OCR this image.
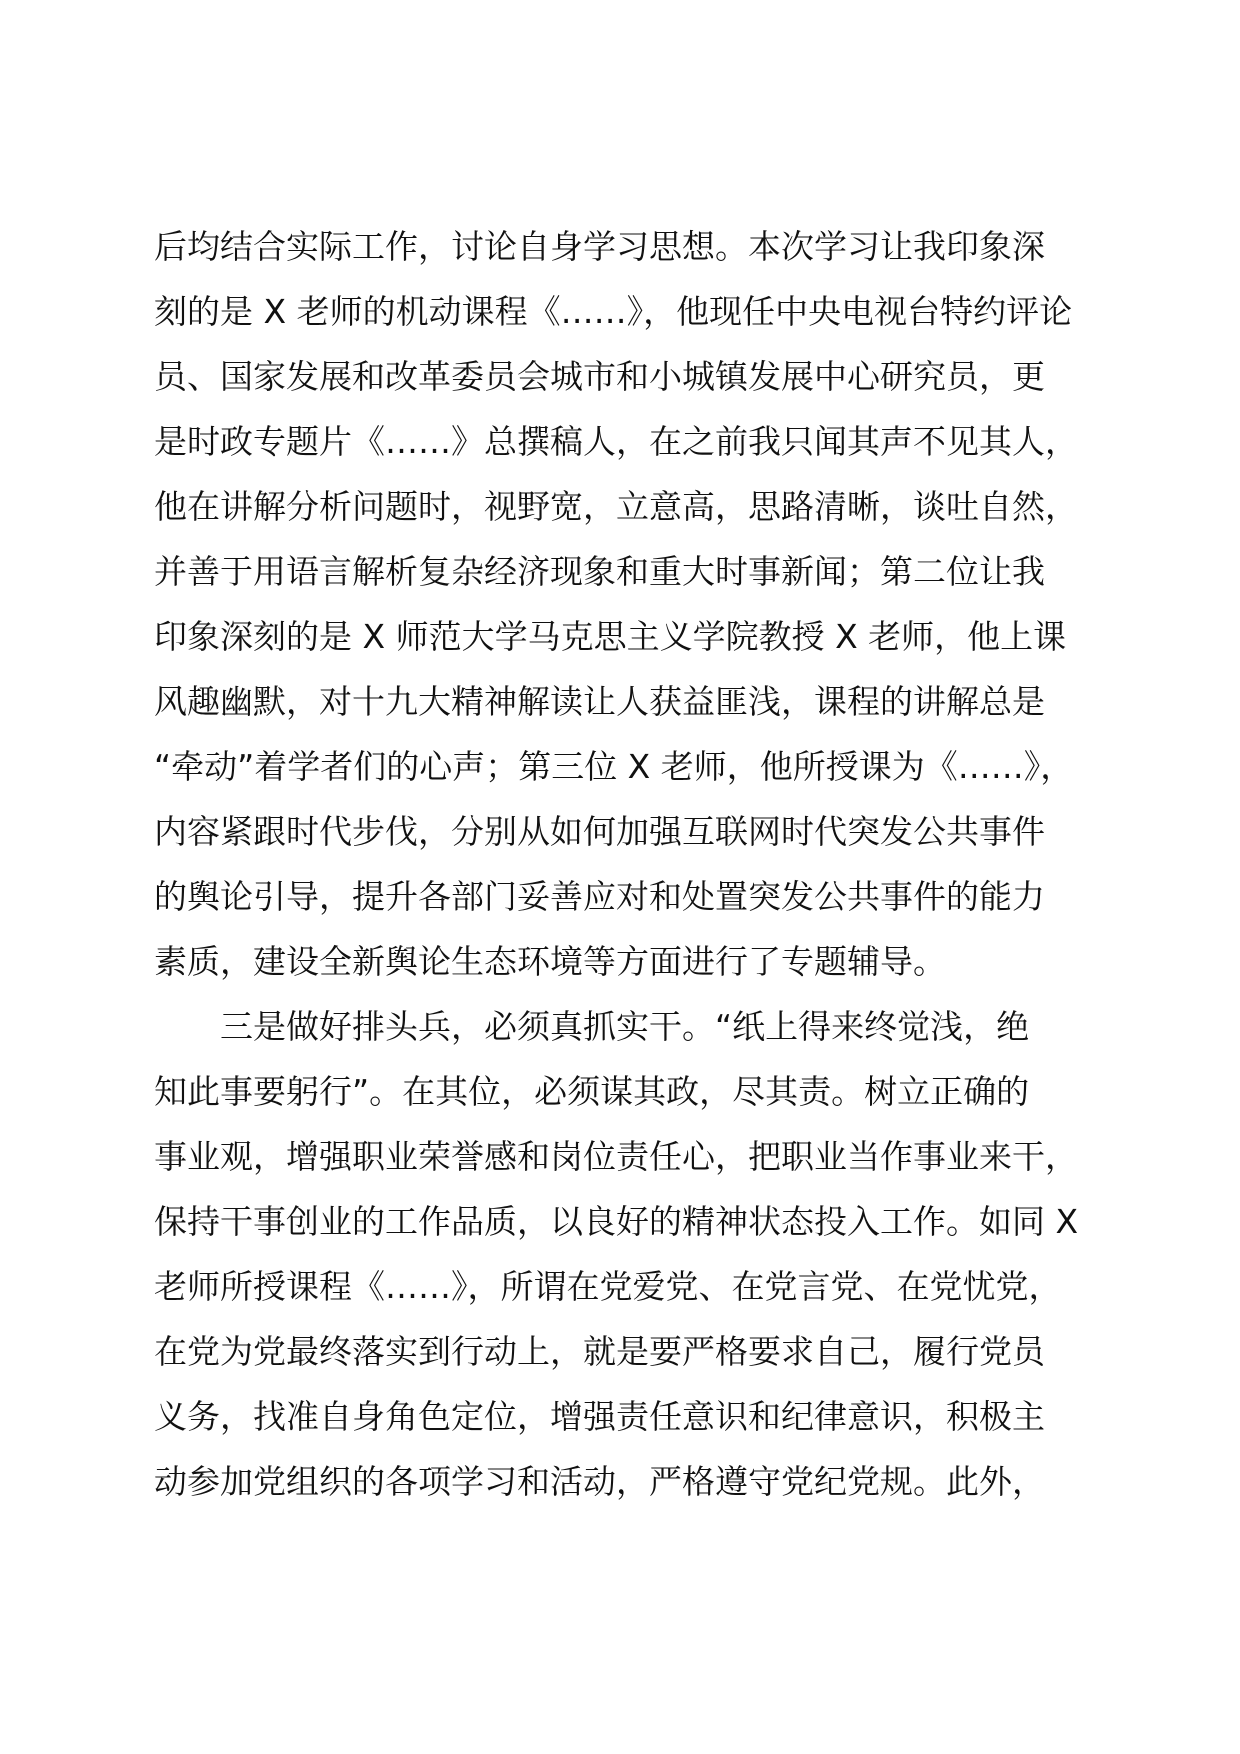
后均结合实际工作，讨论自身学习思想。本次学习让我印象深
刻的是 X 老师的机动课程《……》，他现任中央电视台特约评论
员、国家发展和改革委员会城市和小城镇发展中心研究员，更
是时政专题片《……》总撰稿人，在之前我只闻其声不见其人，
他在讲解分析问题时，视野宽，立意高，思路清晰，谈吐自然，
并善于用语言解析复杂经济现象和重大时事新闻；第二位让我
印象深刻的是 X 师范大学马克思主义学院教授 X 老师，他上课
风趣幽默，对十九大精神解读让人获益匪浅，课程的讲解总是
“牵动”着学者们的心声；第三位 X 老师，他所授课为《……》，
内容紧跟时代步伐，分别从如何加强互联网时代突发公共事件
的舆论引导，提升各部门妥善应对和处置突发公共事件的能力
素质，建设全新舆论生态环境等方面进行了专题辅导。
三是做好排头兵，必须真抓实干。“纸上得来终觉浅，绝
知此事要躬行”。在其位，必须谋其政，尽其责。树立正确的
事业观，增强职业荣誉感和岗位责任心，把职业当作事业来干，
保持干事创业的工作品质，以良好的精神状态投入工作。如同 X
老师所授课程《……》，所谓在党爱党、在党言党、在党忧党，
在党为党最终落实到行动上，就是要严格要求自己，履行党员
义务，找准自身角色定位，增强责任意识和纪律意识，积极主
动参加党组织的各项学习和活动，严格遵守党纪党规。此外，
